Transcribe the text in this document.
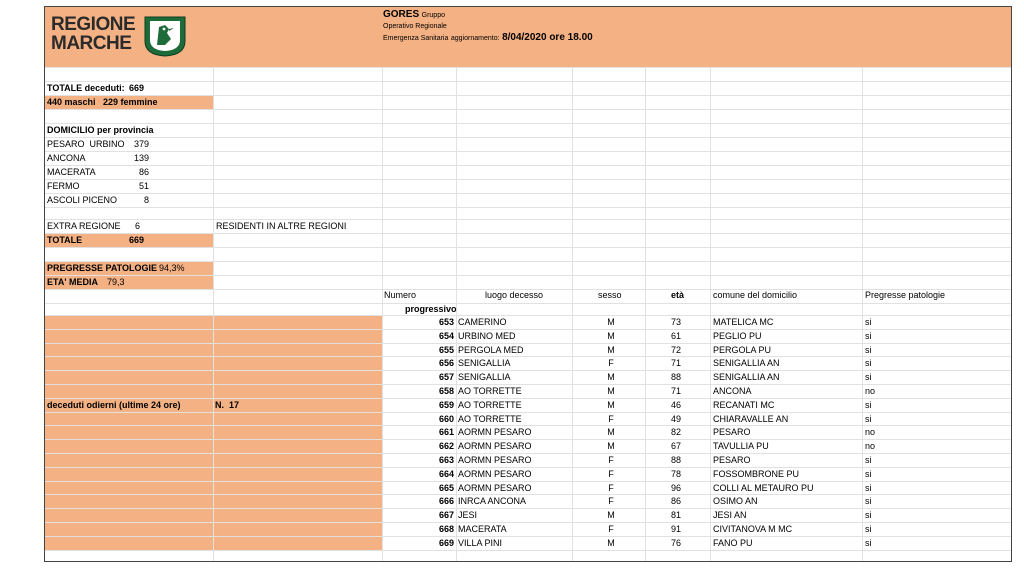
REGIONE
MARCHE
GORES Gruppo
Operativo Regionale
Emergenza Sanitaria aggiornamento: 8/04/2020 ore 18.00
TOTALE deceduti: 669
440 maschi   229 femmine
DOMICILIO per provincia
PESARO  URBINO	379
ANCONA	139
MACERATA	86
FERMO	51
ASCOLI PICENO	8
EXTRA REGIONE 6	RESIDENTI IN ALTRE REGIONI
TOTALE	669
PREGRESSE PATOLOGIE 94,3%
ETA' MEDIA 79,3
deceduti odierni (ultime 24 ore)	N.  17
Numero
progressivo
luogo decesso	sesso	età	comune del domicilio	Pregresse patologie
653 CAMERINO	M	73	MATELICA MC	si
654 URBINO MED	M	61	PEGLIO PU	si
655 PERGOLA MED	M	72	PERGOLA PU	si
656 SENIGALLIA	F	71	SENIGALLIA AN	si
657 SENIGALLIA	M	88	SENIGALLIA AN	si
658 AO TORRETTE	M	71	ANCONA	no
659 AO TORRETTE	M	46	RECANATI MC	si
660 AO TORRETTE	F	49	CHIARAVALLE AN	si
661 AORMN PESARO	M	82	PESARO	no
662 AORMN PESARO	M	67	TAVULLIA PU	no
663 AORMN PESARO	F	88	PESARO	si
664 AORMN PESARO	F	78	FOSSOMBRONE PU	si
665 AORMN PESARO	F	96	COLLI AL METAURO PU	si
666 INRCA ANCONA	F	86	OSIMO AN	si
667 JESI	M	81	JESI AN	si
668 MACERATA	F	91	CIVITANOVA M MC	si
669 VILLA PINI	M	76	FANO PU	si
